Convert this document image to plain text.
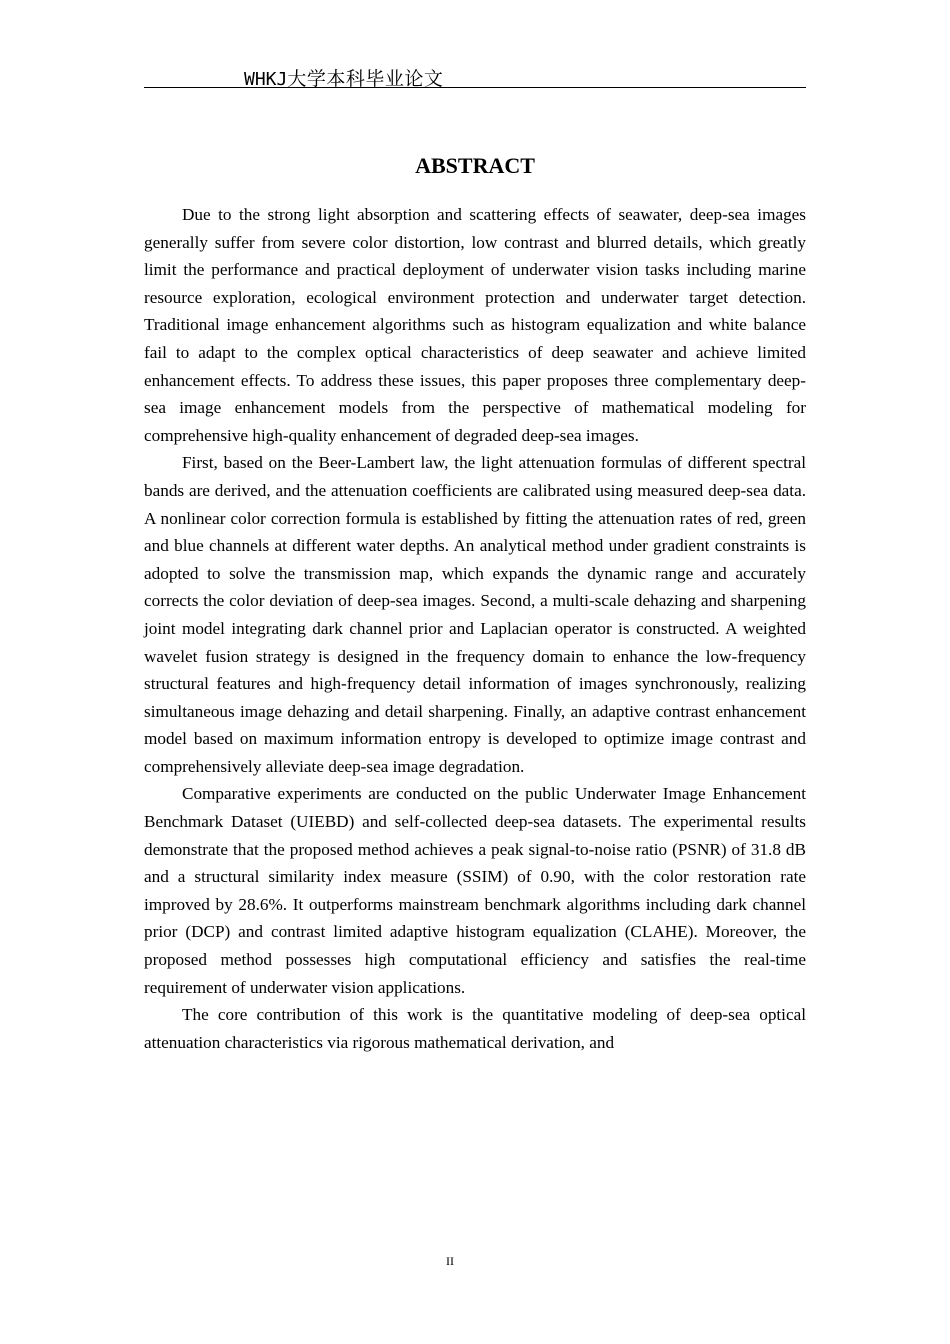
WHKJ大学本科毕业论文
ABSTRACT

Due to the strong light absorption and scattering effects of seawater, deep-sea images generally suffer from severe color distortion, low contrast and blurred details, which greatly limit the performance and practical deployment of underwater vision tasks including marine resource exploration, ecological environment protection and underwater target detection. Traditional image enhancement algorithms such as histogram equalization and white balance fail to adapt to the complex optical characteristics of deep seawater and achieve limited enhancement effects. To address these issues, this paper proposes three complementary deep-sea image enhancement models from the perspective of mathematical modeling for comprehensive high-quality enhancement of degraded deep-sea images.

First, based on the Beer-Lambert law, the light attenuation formulas of different spectral bands are derived, and the attenuation coefficients are calibrated using measured deep-sea data. A nonlinear color correction formula is established by fitting the attenuation rates of red, green and blue channels at different water depths. An analytical method under gradient constraints is adopted to solve the transmission map, which expands the dynamic range and accurately corrects the color deviation of deep-sea images. Second, a multi-scale dehazing and sharpening joint model integrating dark channel prior and Laplacian operator is constructed. A weighted wavelet fusion strategy is designed in the frequency domain to enhance the low-frequency structural features and high-frequency detail information of images synchronously, realizing simultaneous image dehazing and detail sharpening. Finally, an adaptive contrast enhancement model based on maximum information entropy is developed to optimize image contrast and comprehensively alleviate deep-sea image degradation.

Comparative experiments are conducted on the public Underwater Image Enhancement Benchmark Dataset (UIEBD) and self-collected deep-sea datasets. The experimental results demonstrate that the proposed method achieves a peak signal-to-noise ratio (PSNR) of 31.8 dB and a structural similarity index measure (SSIM) of 0.90, with the color restoration rate improved by 28.6%. It outperforms mainstream benchmark algorithms including dark channel prior (DCP) and contrast limited adaptive histogram equalization (CLAHE). Moreover, the proposed method possesses high computational efficiency and satisfies the real-time requirement of underwater vision applications.

The core contribution of this work is the quantitative modeling of deep-sea optical attenuation characteristics via rigorous mathematical derivation, and

II
